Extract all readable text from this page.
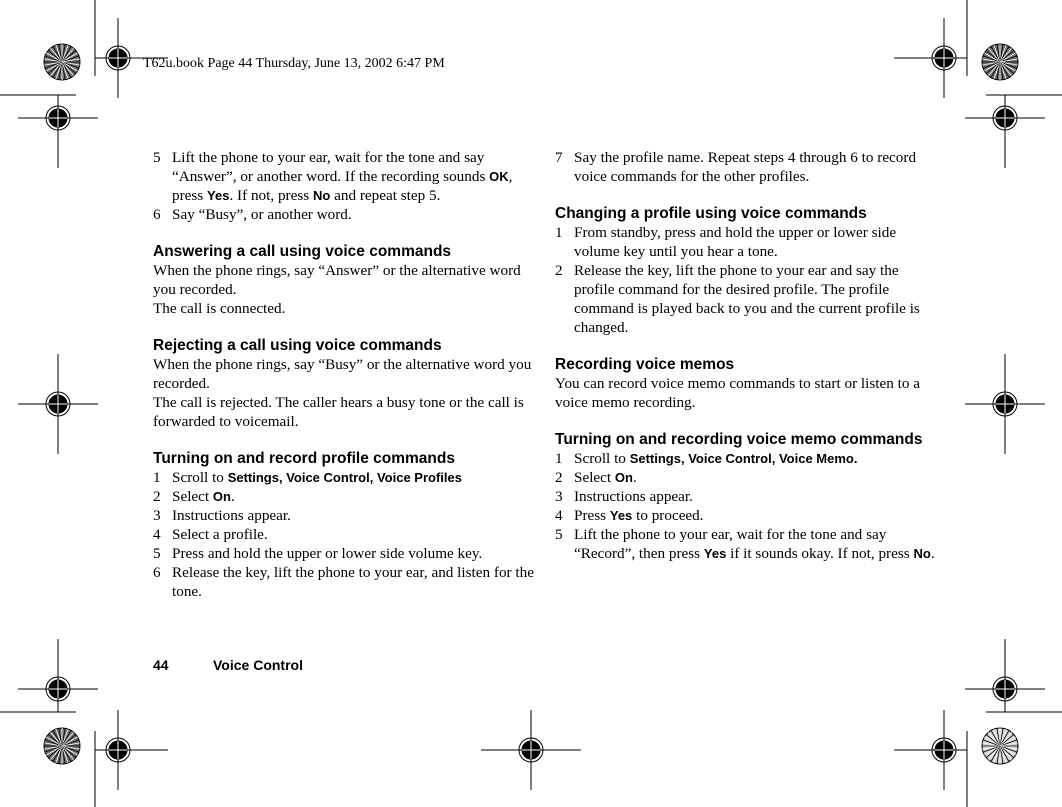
T62u.book Page 44 Thursday, June 13, 2002 6:47 PM
5 Lift the phone to your ear, wait for the tone and say “Answer”, or another word. If the recording sounds OK, press Yes. If not, press No and repeat step 5.
6 Say “Busy”, or another word.
Answering a call using voice commands

When the phone rings, say “Answer” or the alternative word you recorded.

The call is connected.

Rejecting a call using voice commands

When the phone rings, say “Busy” or the alternative word you recorded.

The call is rejected. The caller hears a busy tone or the call is forwarded to voicemail.

Turning on and record profile commands
1 Scroll to Settings, Voice Control, Voice Profiles
2 Select On.
3 Instructions appear.
4 Select a profile.
5 Press and hold the upper or lower side volume key.
6 Release the key, lift the phone to your ear, and listen for the tone.
7 Say the profile name. Repeat steps 4 through 6 to record voice commands for the other profiles.
Changing a profile using voice commands
1 From standby, press and hold the upper or lower side volume key until you hear a tone.
2 Release the key, lift the phone to your ear and say the profile command for the desired profile. The profile command is played back to you and the current profile is changed.
Recording voice memos

You can record voice memo commands to start or listen to a voice memo recording.

Turning on and recording voice memo commands
1 Scroll to Settings, Voice Control, Voice Memo.
2 Select On.
3 Instructions appear.
4 Press Yes to proceed.
5 Lift the phone to your ear, wait for the tone and say “Record”, then press Yes if it sounds okay. If not, press No.
44	Voice Control
